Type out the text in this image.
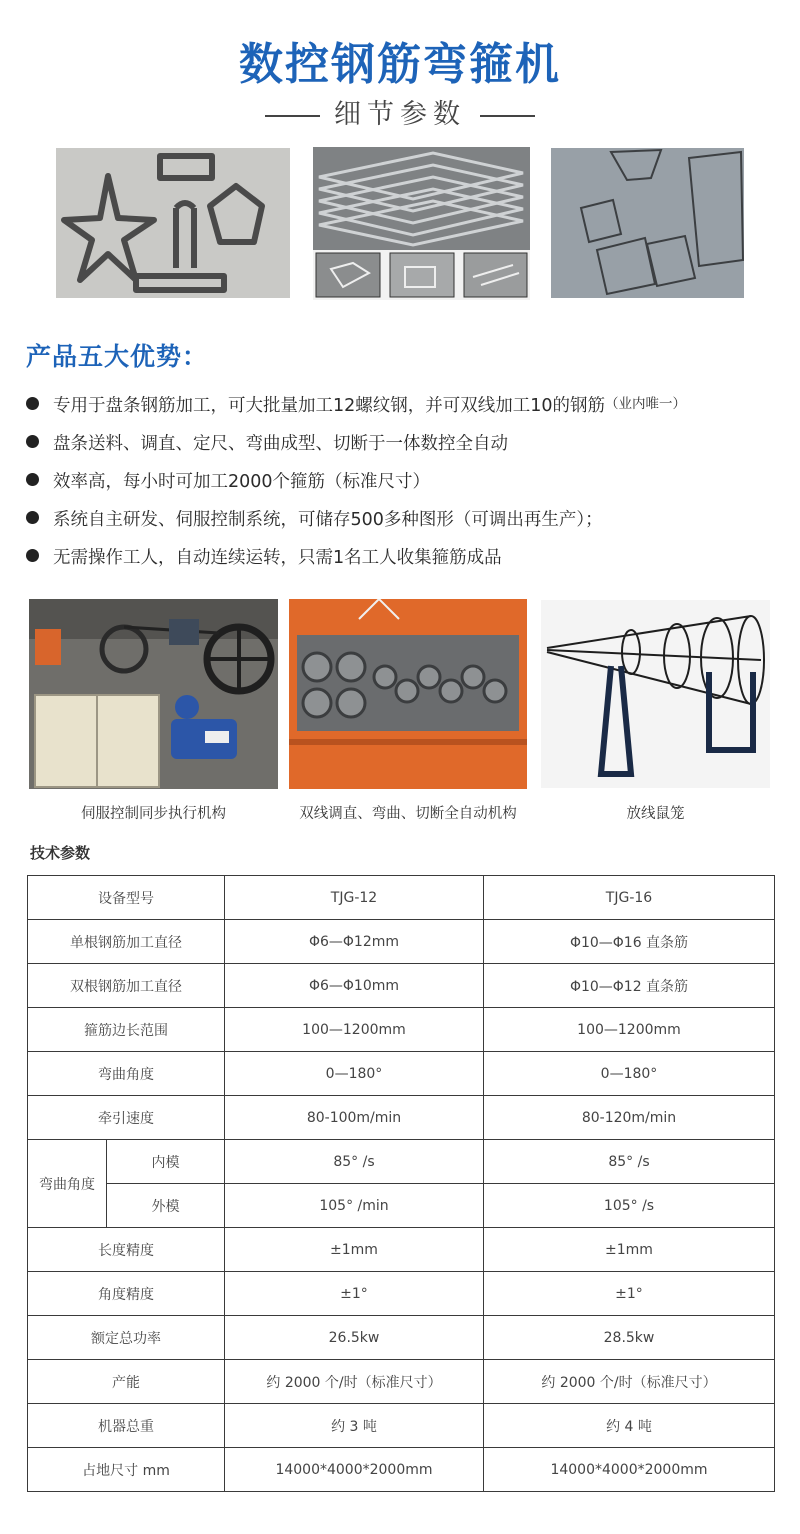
数控钢筋弯箍机
细节参数
产品五大优势：
专用于盘条钢筋加工，可大批量加工12螺纹钢，并可双线加工10的钢筋 （业内唯一）
盘条送料、调直、定尺、弯曲成型、切断于一体数控全自动
效率高，每小时可加工2000个箍筋（标准尺寸）
系统自主研发、伺服控制系统，可储存500多种图形（可调出再生产）；
无需操作工人，自动连续运转，只需1名工人收集箍筋成品
伺服控制同步执行机构	双线调直、弯曲、切断全自动机构	放线鼠笼
技术参数
设备型号		TJG-12	TJG-16
单根钢筋加工直径		Φ6—Φ12mm	Φ10—Φ16 直条筋
双根钢筋加工直径		Φ6—Φ10mm	Φ10—Φ12 直条筋
箍筋边长范围		100—1200mm	100—1200mm
弯曲角度		0—180°	0—180°
牵引速度		80-100m/min	80-120m/min
弯曲角度	内模	85° /s	85° /s
	外模	105° /min	105° /s
长度精度		±1mm	±1mm
角度精度		±1°	±1°
额定总功率		26.5kw	28.5kw
产能		约 2000 个/时（标准尺寸）	约 2000 个/时（标准尺寸）
机器总重		约 3 吨	约 4 吨
占地尺寸 mm		14000*4000*2000mm	14000*4000*2000mm
